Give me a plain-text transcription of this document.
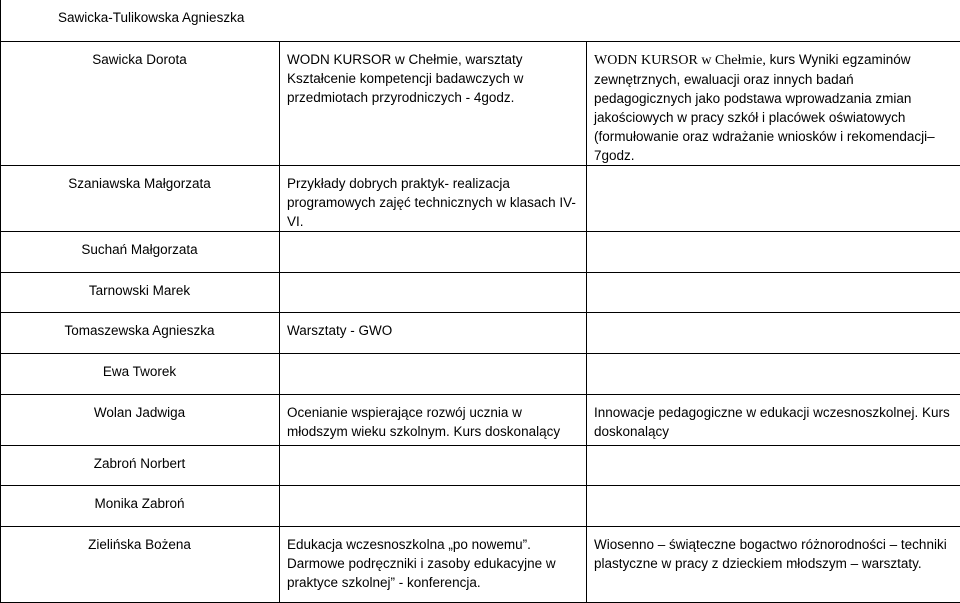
Sawicka-Tulikowska Agnieszka		
Sawicka Dorota	WODN KURSOR w Chełmie, warsztaty Kształcenie kompetencji badawczych w przedmiotach przyrodniczych - 4godz.	WODN KURSOR w Chełmie, kurs Wyniki egzaminów zewnętrznych, ewaluacji oraz innych badań pedagogicznych jako podstawa wprowadzania zmian jakościowych w pracy szkół i placówek oświatowych (formułowanie oraz wdrażanie wniosków i rekomendacji– 7godz.
Szaniawska Małgorzata	Przykłady dobrych praktyk- realizacja programowych zajęć technicznych w klasach IV-VI.	
Suchań Małgorzata		
Tarnowski Marek		
Tomaszewska Agnieszka	Warsztaty - GWO	
Ewa Tworek		
Wolan Jadwiga	Ocenianie wspierające rozwój ucznia w młodszym wieku szkolnym. Kurs doskonalący	Innowacje pedagogiczne w edukacji wczesnoszkolnej. Kurs doskonalący
Zabroń Norbert		
Monika Zabroń		
Zielińska Bożena	Edukacja wczesnoszkolna „po nowemu”. Darmowe podręczniki i zasoby edukacyjne w praktyce szkolnej” - konferencja.	Wiosenno – świąteczne bogactwo różnorodności – techniki plastyczne w pracy z dzieckiem młodszym – warsztaty.
